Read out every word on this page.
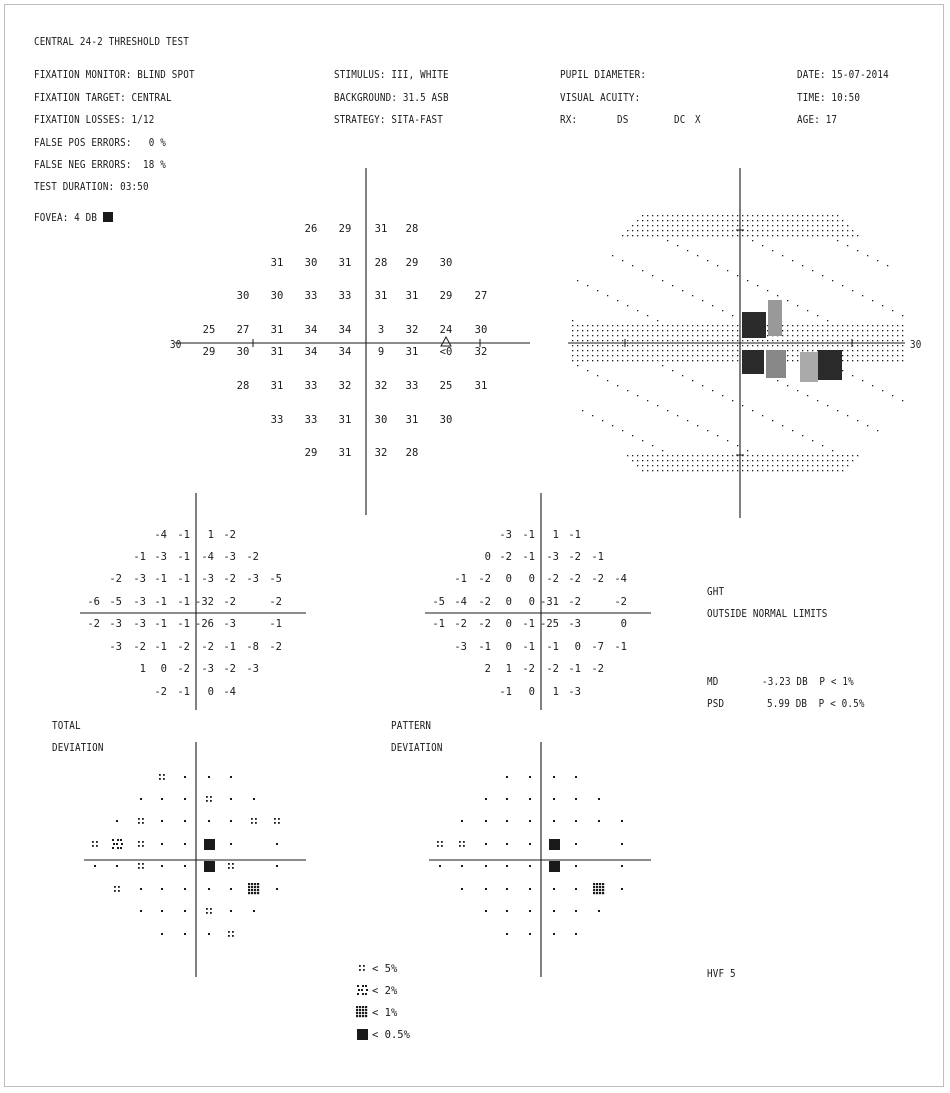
CENTRAL 24-2 THRESHOLD TEST
FIXATION MONITOR: BLIND SPOT
FIXATION TARGET: CENTRAL
FIXATION LOSSES: 1/12
FALSE POS ERRORS:   0 %
FALSE NEG ERRORS:  18 %
TEST DURATION: 03:50
FOVEA: 4 DB
STIMULUS: III, WHITE
BACKGROUND: 31.5 ASB
STRATEGY: SITA-FAST
PUPIL DIAMETER:
VISUAL ACUITY:
RX:	DS	DC X
DATE: 15-07-2014
TIME: 10:50
AGE: 17
30	30
TOTAL
DEVIATION
PATTERN
DEVIATION
GHT
OUTSIDE NORMAL LIMITS
MD	-3.23 DB  P < 1%
PSD	5.99 DB  P < 0.5%
HVF 5
26 29 31 28
31 30 31 28 29 30
30 30 33 33 31 31 29 27
25 27 31 34 34	3 32 24 30
29 30 31 34 34	9 31 <0 32
28 31 33 32 32 33 25 31
33 33 31 30 31 30
29 31 32 28
-4 -1 1 -2
-1 -3 -1 -4 -3 -2
-2 -3 -1 -1 -3 -2 -3 -5
-6 -5 -3 -1 -1 -32 -2	-2
-2 -3 -3 -1 -1 -26 -3	-1
-3 -2 -1 -2 -2 -1 -8 -2
1 0 -2 -3 -2 -3
-2 -1 0 -4
-3 -1 1 -1
0 -2 -1 -3 -2 -1
-1 -2 0 0 -2 -2 -2 -4
-5 -4 -2 0 0 -31 -2	-2
-1 -2 -2 0 -1 -25 -3	0
-3 -1 0 -1 -1 0 -7 -1
2 1 -2 -2 -1 -2
-1 0 1 -3
< 5%
< 2%
< 1%
< 0.5%
